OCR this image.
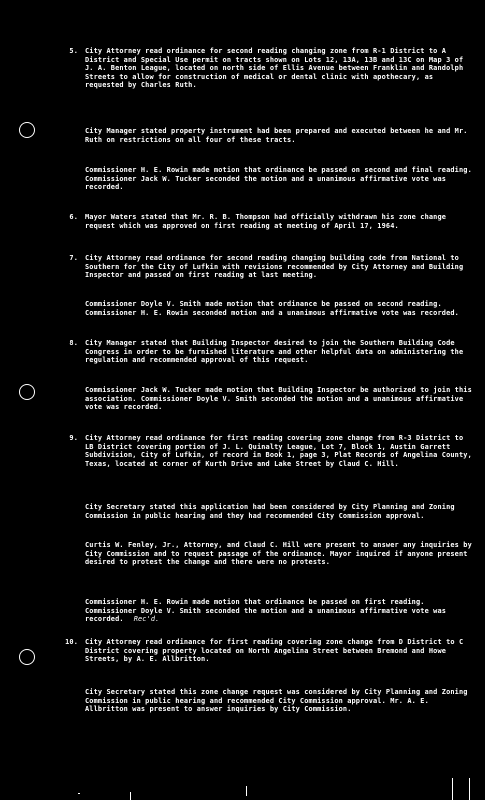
5. City Attorney read ordinance for second reading changing zone from R-1 District to A District and Special Use permit on tracts shown on Lots 12, 13A, 13B and 13C on Map 3 of J. A. Benton League, located on north side of Ellis Avenue between Franklin and Randolph Streets to allow for construction of medical or dental clinic with apothecary, as requested by Charles Ruth.

City Manager stated property instrument had been prepared and executed between he and Mr. Ruth on restrictions on all four of these tracts.
Commissioner H. E. Rowin made motion that ordinance be passed on second and final reading. Commissioner Jack W. Tucker seconded the motion and a unanimous affirmative vote was recorded.
6. Mayor Waters stated that Mr. R. B. Thompson had officially withdrawn his zone change request which was approved on first reading at meeting of April 17, 1964.

7. City Attorney read ordinance for second reading changing building code from National to Southern for the City of Lufkin with revisions recommended by City Attorney and Building Inspector and passed on first reading at last meeting.

Commissioner Doyle V. Smith made motion that ordinance be passed on second reading. Commissioner H. E. Rowin seconded motion and a unanimous affirmative vote was recorded.
8. City Manager stated that Building Inspector desired to join the Southern Building Code Congress in order to be furnished literature and other helpful data on administering the regulation and recommended approval of this request.

Commissioner Jack W. Tucker made motion that Building Inspector be authorized to join this association. Commissioner Doyle V. Smith seconded the motion and a unanimous affirmative vote was recorded.
9. City Attorney read ordinance for first reading covering zone change from R-3 District to LB District covering portion of J. L. Quinalty League, Lot 7, Block 1, Austin Garrett Subdivision, City of Lufkin, of record in Book 1, page 3, Plat Records of Angelina County, Texas, located at corner of Kurth Drive and Lake Street by Claud C. Hill.

City Secretary stated this application had been considered by City Planning and Zoning Commission in public hearing and they had recommended City Commission approval.
Curtis W. Fenley, Jr., Attorney, and Claud C. Hill were present to answer any inquiries by City Commission and to request passage of the ordinance. Mayor inquired if anyone present desired to protest the change and there were no protests.
Commissioner H. E. Rowin made motion that ordinance be passed on first reading. Commissioner Doyle V. Smith seconded the motion and a unanimous affirmative vote was recorded. Rec'd.
10. City Attorney read ordinance for first reading covering zone change from D District to C District covering property located on North Angelina Street between Bremond and Howe Streets, by A. E. Allbritton.

City Secretary stated this zone change request was considered by City Planning and Zoning Commission in public hearing and recommended City Commission approval. Mr. A. E. Allbritton was present to answer inquiries by City Commission.
